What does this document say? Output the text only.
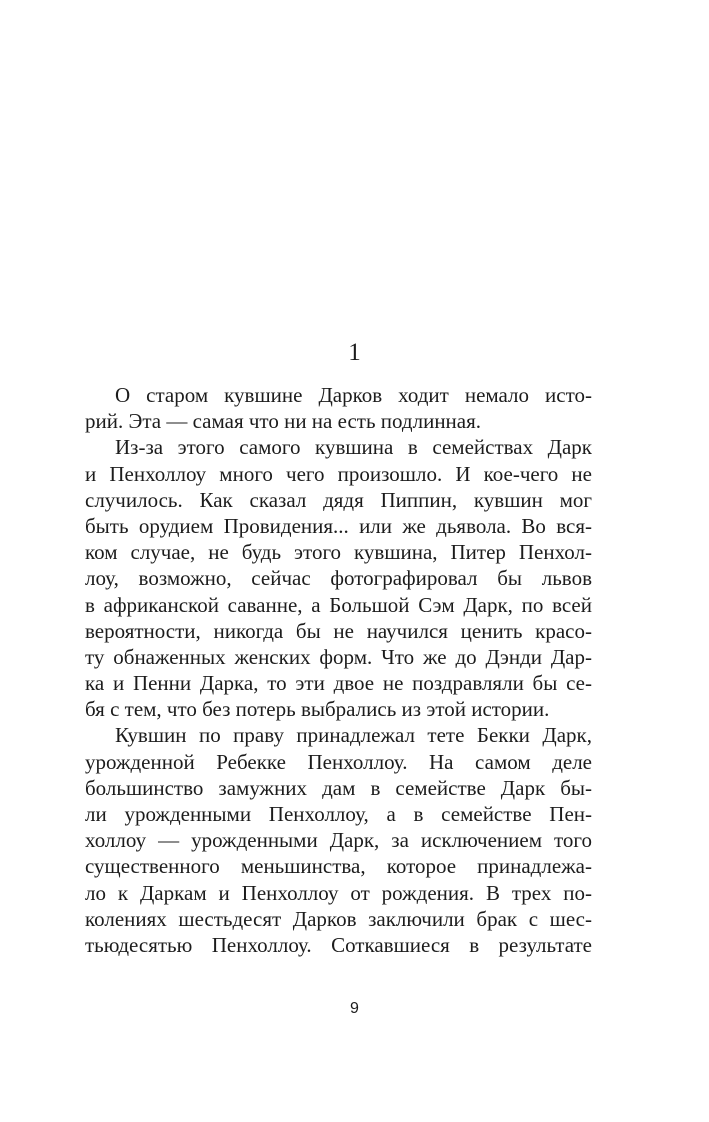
1
О старом кувшине Дарков ходит немало исто-
рий. Эта — самая что ни на есть подлинная.
Из-за этого самого кувшина в семействах Дарк
и Пенхоллоу много чего произошло. И кое-чего не
случилось. Как сказал дядя Пиппин, кувшин мог
быть орудием Провидения... или же дьявола. Во вся-
ком случае, не будь этого кувшина, Питер Пенхол-
лоу, возможно, сейчас фотографировал бы львов
в африканской саванне, а Большой Сэм Дарк, по всей
вероятности, никогда бы не научился ценить красо-
ту обнаженных женских форм. Что же до Дэнди Дар-
ка и Пенни Дарка, то эти двое не поздравляли бы се-
бя с тем, что без потерь выбрались из этой истории.
Кувшин по праву принадлежал тете Бекки Дарк,
урожденной Ребекке Пенхоллоу. На самом деле
большинство замужних дам в семействе Дарк бы-
ли урожденными Пенхоллоу, а в семействе Пен-
холлоу — урожденными Дарк, за исключением того
существенного меньшинства, которое принадлежа-
ло к Даркам и Пенхоллоу от рождения. В трех по-
колениях шестьдесят Дарков заключили брак с шес-
тьюдесятью Пенхоллоу. Соткавшиеся в результате
9
